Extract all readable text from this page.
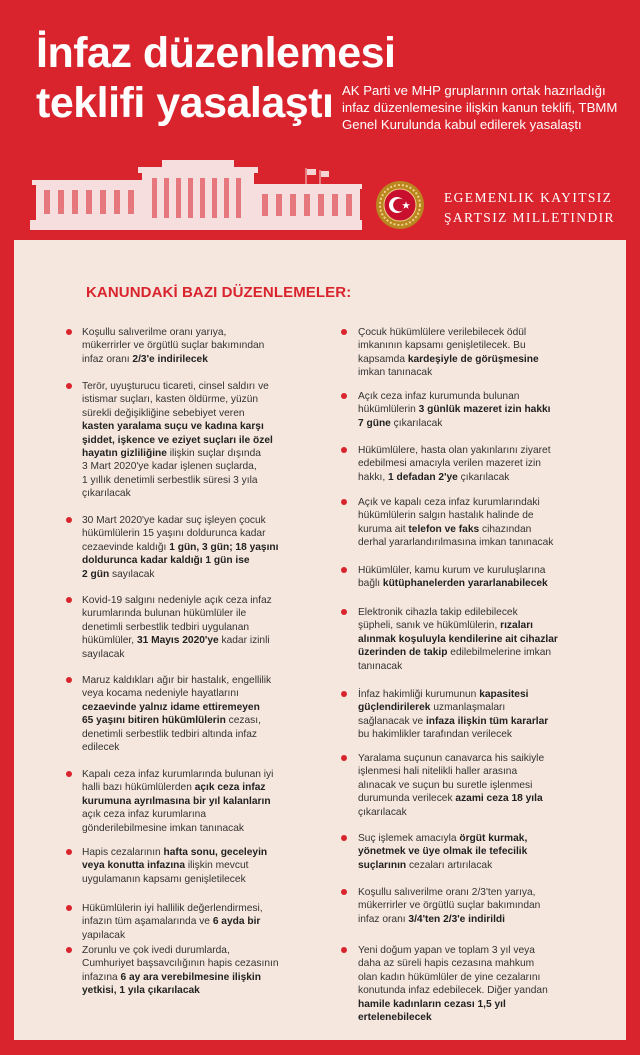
İnfaz düzenlemesi
teklifi yasalaştı AK Parti ve MHP gruplarının ortak hazırladığı
infaz düzenlemesine ilişkin kanun teklifi, TBMM
Genel Kurulunda kabul edilerek yasalaştı
EGEMENLIK KAYITSIZ
ŞARTSIZ MILLETINDIR
KANUNDAKİ BAZI DÜZENLEMELER:
Koşullu salıverilme oranı yarıya,
mükerrirler ve örgütlü suçlar bakımından
infaz oranı 2/3'e indirilecek
Terör, uyuşturucu ticareti, cinsel saldırı ve
istismar suçları, kasten öldürme, yüzün
sürekli değişikliğine sebebiyet veren
kasten yaralama suçu ve kadına karşı
şiddet, işkence ve eziyet suçları ile özel
hayatın gizliliğine ilişkin suçlar dışında
3 Mart 2020'ye kadar işlenen suçlarda,
1 yıllık denetimli serbestlik süresi 3 yıla
çıkarılacak
30 Mart 2020'ye kadar suç işleyen çocuk
hükümlülerin 15 yaşını doldurunca kadar
cezaevinde kaldığı 1 gün, 3 gün; 18 yaşını
doldurunca kadar kaldığı 1 gün ise
2 gün sayılacak
Kovid-19 salgını nedeniyle açık ceza infaz
kurumlarında bulunan hükümlüler ile
denetimli serbestlik tedbiri uygulanan
hükümlüler, 31 Mayıs 2020'ye kadar izinli
sayılacak
Maruz kaldıkları ağır bir hastalık, engellilik
veya kocama nedeniyle hayatlarını
cezaevinde yalnız idame ettiremeyen
65 yaşını bitiren hükümlülerin cezası,
denetimli serbestlik tedbiri altında infaz
edilecek
Kapalı ceza infaz kurumlarında bulunan iyi
halli bazı hükümlülerden açık ceza infaz
kurumuna ayrılmasına bir yıl kalanların
açık ceza infaz kurumlarına
gönderilebilmesine imkan tanınacak
Hapis cezalarının hafta sonu, geceleyin
veya konutta infazına ilişkin mevcut
uygulamanın kapsamı genişletilecek
Hükümlülerin iyi hallilik değerlendirmesi,
infazın tüm aşamalarında ve 6 ayda bir
yapılacak
Zorunlu ve çok ivedi durumlarda,
Cumhuriyet başsavcılığının hapis cezasının
infazına 6 ay ara verebilmesine ilişkin
yetkisi, 1 yıla çıkarılacak
Çocuk hükümlülere verilebilecek ödül
imkanının kapsamı genişletilecek. Bu
kapsamda kardeşiyle de görüşmesine
imkan tanınacak
Açık ceza infaz kurumunda bulunan
hükümlülerin 3 günlük mazeret izin hakkı
7 güne çıkarılacak
Hükümlülere, hasta olan yakınlarını ziyaret
edebilmesi amacıyla verilen mazeret izin
hakkı, 1 defadan 2'ye çıkarılacak
Açık ve kapalı ceza infaz kurumlarındaki
hükümlülerin salgın hastalık halinde de
kuruma ait telefon ve faks cihazından
derhal yararlandırılmasına imkan tanınacak
Hükümlüler, kamu kurum ve kuruluşlarına
bağlı kütüphanelerden yararlanabilecek
Elektronik cihazla takip edilebilecek
şüpheli, sanık ve hükümlülerin, rızaları
alınmak koşuluyla kendilerine ait cihazlar
üzerinden de takip edilebilmelerine imkan
tanınacak
İnfaz hakimliği kurumunun kapasitesi
güçlendirilerek uzmanlaşmaları
sağlanacak ve infaza ilişkin tüm kararlar
bu hakimlikler tarafından verilecek
Yaralama suçunun canavarca his saikiyle
işlenmesi hali nitelikli haller arasına
alınacak ve suçun bu suretle işlenmesi
durumunda verilecek azami ceza 18 yıla
çıkarılacak
Suç işlemek amacıyla örgüt kurmak,
yönetmek ve üye olmak ile tefecilik
suçlarının cezaları artırılacak
Koşullu salıverilme oranı 2/3'ten yarıya,
mükerrirler ve örgütlü suçlar bakımından
infaz oranı 3/4'ten 2/3'e indirildi
Yeni doğum yapan ve toplam 3 yıl veya
daha az süreli hapis cezasına mahkum
olan kadın hükümlüler de yine cezalarını
konutunda infaz edebilecek. Diğer yandan
hamile kadınların cezası 1,5 yıl
ertelenebilecek
